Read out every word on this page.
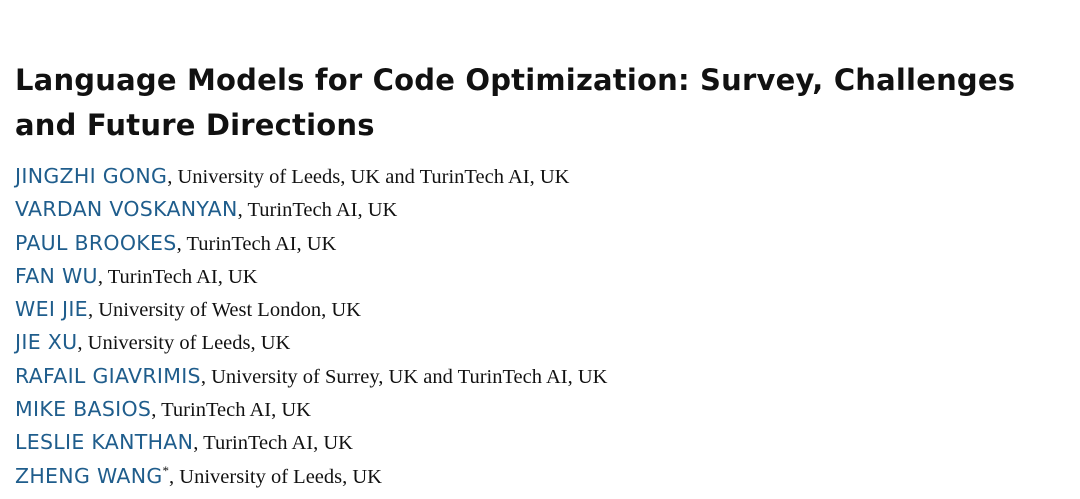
Language Models for Code Optimization: Survey, Challenges and Future Directions
JINGZHI GONG, University of Leeds, UK and TurinTech AI, UK
VARDAN VOSKANYAN, TurinTech AI, UK
PAUL BROOKES, TurinTech AI, UK
FAN WU, TurinTech AI, UK
WEI JIE, University of West London, UK
JIE XU, University of Leeds, UK
RAFAIL GIAVRIMIS, University of Surrey, UK and TurinTech AI, UK
MIKE BASIOS, TurinTech AI, UK
LESLIE KANTHAN, TurinTech AI, UK
ZHENG WANG*, University of Leeds, UK
